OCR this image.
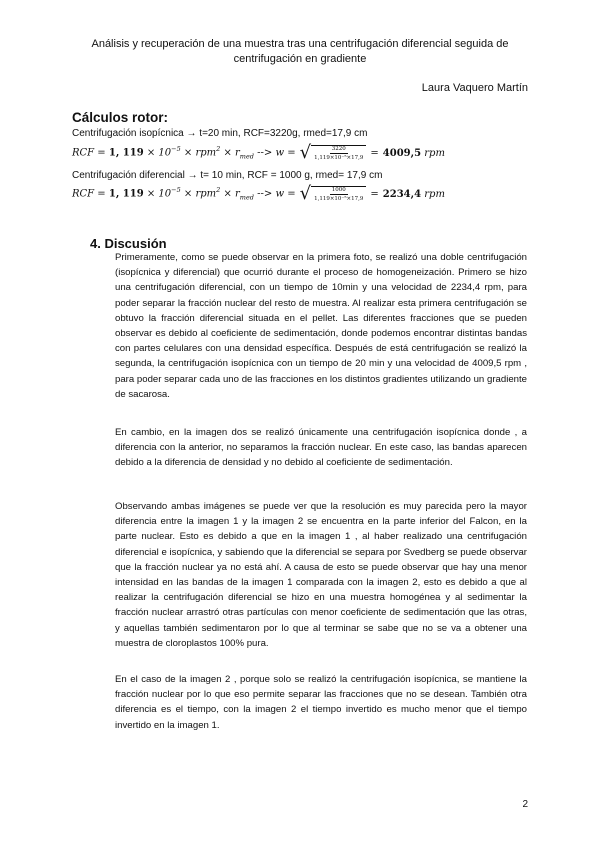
Análisis y recuperación de una muestra tras una centrifugación diferencial seguida de centrifugación en gradiente
Laura Vaquero Martín
Cálculos rotor:
Centrifugación isopícnica → t=20 min, RCF=3220g, rmed=17,9 cm
RCF = 1, $119 \times 10^{-5} \times rpm^2 \times r_{med}$ --> w = √ $\frac{3220}{\text{1,119×10⁻⁵×17,9}} = 4009,5$
rpm
Centrifugación diferencial → t= 10 min, RCF = 1000 g, rmed= 17,9 cm
RCF = 1, $119 \times 10^{-5} \times rpm^2 \times r_{med}$ --> w = √ $\frac{1000}{\text{1,119×10⁻⁵×17,9}} = 2234,4$
rpm
4. Discusión

Primeramente, como se puede observar en la primera foto, se realizó una doble centrifugación (isopícnica y diferencial) que ocurrió durante el proceso de homogeneización. Primero se hizo una centrifugación diferencial, con un tiempo de 10min y una velocidad de 2234,4 rpm, para poder separar la fracción nuclear del resto de muestra. Al realizar esta primera centrifugación se obtuvo la fracción diferencial situada en el pellet. Las diferentes fracciones que se pueden observar es debido al coeficiente de sedimentación, donde podemos encontrar distintas bandas con partes celulares con una densidad específica. Después de está centrifugación se realizó la segunda, la centrifugación isopícnica con un tiempo de 20 min y una velocidad de 4009,5 rpm , para poder separar cada uno de las fracciones en los distintos gradientes utilizando un gradiente de sacarosa.

En cambio, en la imagen dos se realizó únicamente una centrifugación isopícnica donde , a diferencia con la anterior, no separamos la fracción nuclear. En este caso, las bandas aparecen debido a la diferencia de densidad y no debido al coeficiente de sedimentación.

Observando ambas imágenes se puede ver que la resolución es muy parecida pero la mayor diferencia entre la imagen 1 y la imagen 2 se encuentra en la parte inferior del Falcon, en la parte nuclear. Esto es debido a que en la imagen 1 , al haber realizado una centrifugación diferencial e isopícnica, y sabiendo que la diferencial se separa por Svedberg se puede observar que la fracción nuclear ya no está ahí. A causa de esto se puede observar que hay una menor intensidad en las bandas de la imagen 1 comparada con la imagen 2, esto es debido a que al realizar la centrifugación diferencial se hizo en una muestra homogénea y al sedimentar la fracción nuclear arrastró otras partículas con menor coeficiente de sedimentación que las otras, y aquellas también sedimentaron por lo que al terminar se sabe que no se va a obtener una muestra de cloroplastos 100% pura.

En el caso de la imagen 2 , porque solo se realizó la centrifugación isopícnica, se mantiene la fracción nuclear por lo que eso permite separar las fracciones que no se desean. También otra diferencia es el tiempo, con la imagen 2 el tiempo invertido es mucho menor que el tiempo invertido en la imagen 1.

2
